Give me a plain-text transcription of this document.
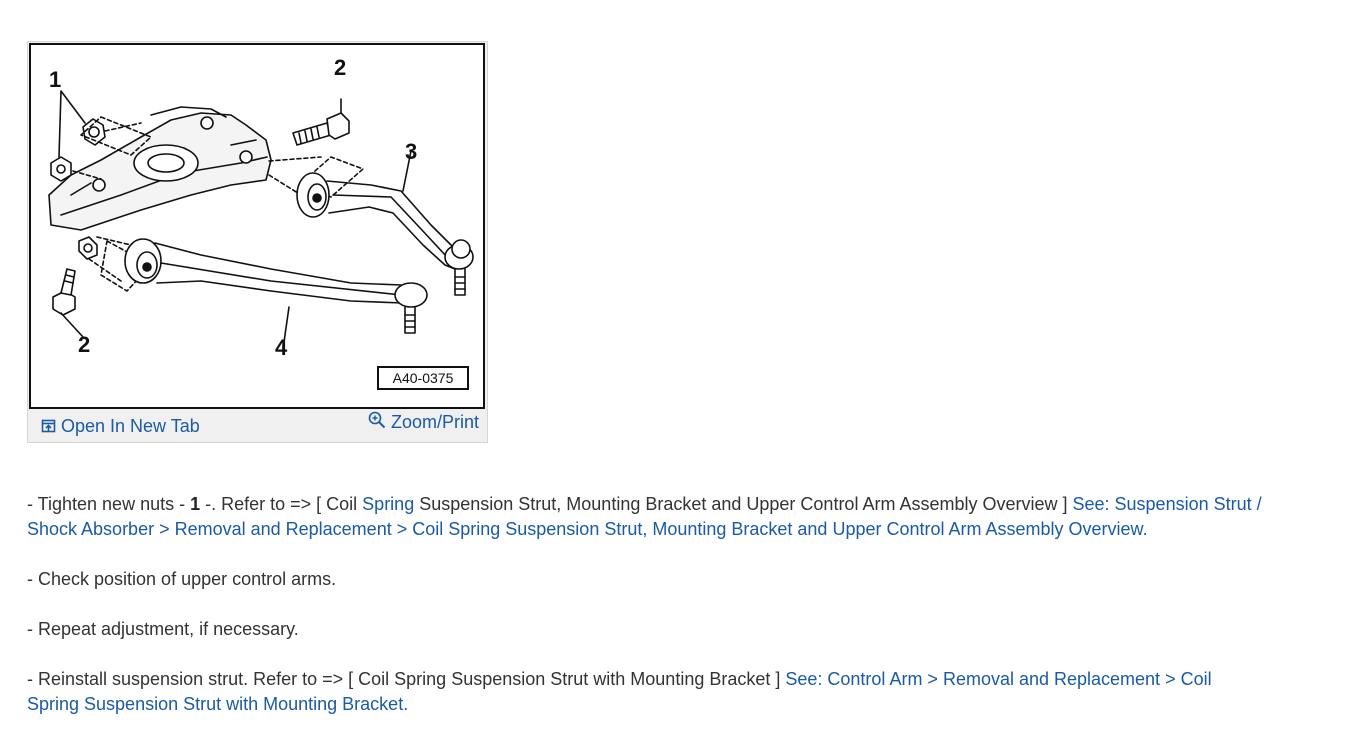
1	2
3
2	4
A40-0375
Open In New Tab	Zoom/Print
- Tighten new nuts - 1 -. Refer to => [ Coil Spring Suspension Strut, Mounting Bracket and Upper Control Arm Assembly Overview ] See: Suspension Strut / Shock Absorber > Removal and Replacement > Coil Spring Suspension Strut, Mounting Bracket and Upper Control Arm Assembly Overview.
- Check position of upper control arms.
- Repeat adjustment, if necessary.
- Reinstall suspension strut. Refer to => [ Coil Spring Suspension Strut with Mounting Bracket ] See: Control Arm > Removal and Replacement > Coil Spring Suspension Strut with Mounting Bracket.
